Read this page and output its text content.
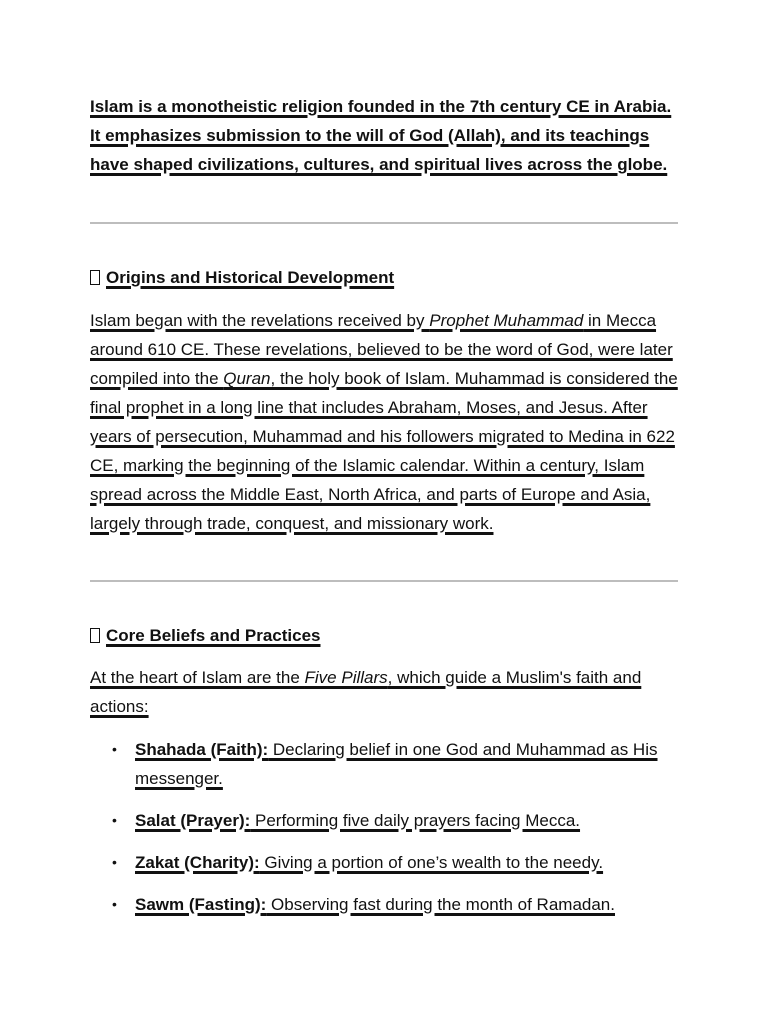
Islam is a monotheistic religion founded in the 7th century CE in Arabia. It emphasizes submission to the will of God (Allah), and its teachings have shaped civilizations, cultures, and spiritual lives across the globe.

Origins and Historical Development

Islam began with the revelations received by Prophet Muhammad in Mecca around 610 CE. These revelations, believed to be the word of God, were later compiled into the Quran, the holy book of Islam. Muhammad is considered the final prophet in a long line that includes Abraham, Moses, and Jesus. After years of persecution, Muhammad and his followers migrated to Medina in 622 CE, marking the beginning of the Islamic calendar. Within a century, Islam spread across the Middle East, North Africa, and parts of Europe and Asia, largely through trade, conquest, and missionary work.

Core Beliefs and Practices

At the heart of Islam are the Five Pillars, which guide a Muslim's faith and actions:

• Shahada (Faith): Declaring belief in one God and Muhammad as His messenger.
• Salat (Prayer): Performing five daily prayers facing Mecca.
• Zakat (Charity): Giving a portion of one’s wealth to the needy.
• Sawm (Fasting): Observing fast during the month of Ramadan.
